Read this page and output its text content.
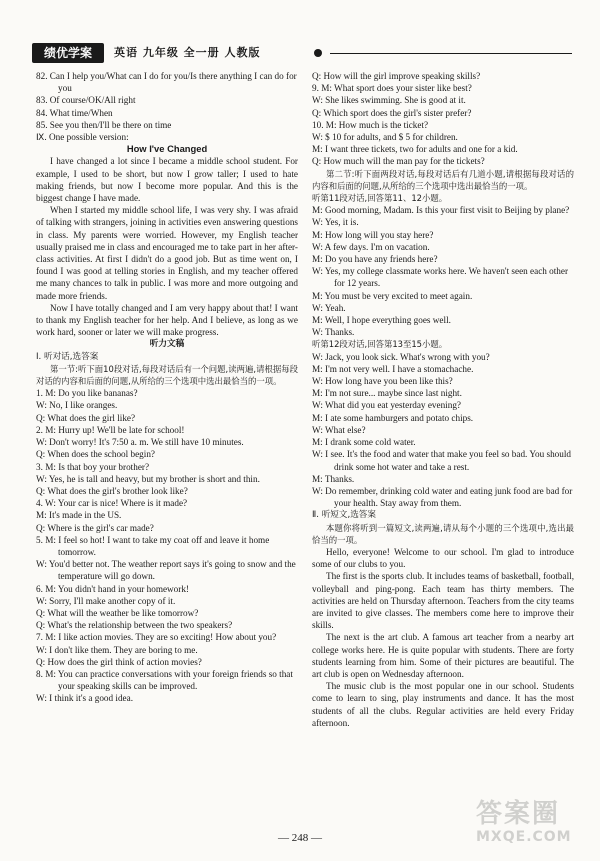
绩优学案	英语 九年级 全一册 人教版

82. Can I help you/What can I do for you/Is there anything I can do for you

83. Of course/OK/All right

84. What time/When

85. See you then/I'll be there on time

Ⅸ. One possible version:

How I've Changed

I have changed a lot since I became a middle school student. For example, I used to be short, but now I grow taller; I used to hate making friends, but now I become more popular. And this is the biggest change I have made.

When I started my middle school life, I was very shy. I was afraid of talking with strangers, joining in activities even answering questions in class. My parents were worried. However, my English teacher usually praised me in class and encouraged me to take part in her after-class activities. At first I didn't do a good job. But as time went on, I found I was good at telling stories in English, and my teacher offered me many chances to talk in public. I was more and more outgoing and made more friends.

Now I have totally changed and I am very happy about that! I want to thank my English teacher for her help. And I believe, as long as we work hard, sooner or later we will make progress.

听力文稿

Ⅰ. 听对话,选答案

第一节:听下面10段对话,每段对话后有一个问题,读两遍,请根据每段对话的内容和后面的问题,从所给的三个选项中选出最恰当的一项。

1. M: Do you like bananas?

W: No, I like oranges.

Q: What does the girl like?

2. M: Hurry up! We'll be late for school!

W: Don't worry! It's 7:50 a. m. We still have 10 minutes.

Q: When does the school begin?

3. M: Is that boy your brother?

W: Yes, he is tall and heavy, but my brother is short and thin.

Q: What does the girl's brother look like?

4. W: Your car is nice! Where is it made?

M: It's made in the US.

Q: Where is the girl's car made?

5. M: I feel so hot! I want to take my coat off and leave it home tomorrow.

W: You'd better not. The weather report says it's going to snow and the temperature will go down.

6. M: You didn't hand in your homework!

W: Sorry, I'll make another copy of it.

Q: What will the weather be like tomorrow?

Q: What's the relationship between the two speakers?

7. M: I like action movies. They are so exciting! How about you?

W: I don't like them. They are boring to me.

Q: How does the girl think of action movies?

8. M: You can practice conversations with your foreign friends so that your speaking skills can be improved.

W: I think it's a good idea.

Q: How will the girl improve speaking skills?

9. M: What sport does your sister like best?

W: She likes swimming. She is good at it.

Q: Which sport does the girl's sister prefer?

10. M: How much is the ticket?

W: $ 10 for adults, and $ 5 for children.

M: I want three tickets, two for adults and one for a kid.

Q: How much will the man pay for the tickets?

第二节:听下面两段对话,每段对话后有几道小题,请根据每段对话的内容和后面的问题,从所给的三个选项中选出最恰当的一项。

听第11段对话,回答第11、12小题。

M: Good morning, Madam. Is this your first visit to Beijing by plane?

W: Yes, it is.

M: How long will you stay here?

W: A few days. I'm on vacation.

M: Do you have any friends here?

W: Yes, my college classmate works here. We haven't seen each other for 12 years.

M: You must be very excited to meet again.

W: Yeah.

M: Well, I hope everything goes well.

W: Thanks.

听第12段对话,回答第13至15小题。

W: Jack, you look sick. What's wrong with you?

M: I'm not very well. I have a stomachache.

W: How long have you been like this?

M: I'm not sure... maybe since last night.

W: What did you eat yesterday evening?

M: I ate some hamburgers and potato chips.

W: What else?

M: I drank some cold water.

W: I see. It's the food and water that make you feel so bad. You should drink some hot water and take a rest.

M: Thanks.

W: Do remember, drinking cold water and eating junk food are bad for your health. Stay away from them.

Ⅱ. 听短文,选答案

本题你将听到一篇短文,读两遍,请从每个小题的三个选项中,选出最恰当的一项。

Hello, everyone! Welcome to our school. I'm glad to introduce some of our clubs to you.

The first is the sports club. It includes teams of basketball, football, volleyball and ping-pong. Each team has thirty members. The activities are held on Thursday afternoon. Teachers from the city teams are invited to give classes. The members come here to improve their skills.

The next is the art club. A famous art teacher from a nearby art college works here. He is quite popular with students. There are forty students learning from him. Some of their pictures are beautiful. The art club is open on Wednesday afternoon.

The music club is the most popular one in our school. Students come to learn to sing, play instruments and dance. It has the most students of all the clubs. Regular activities are held every Friday afternoon.

— 248 —
答案圈
MXQE.COM
